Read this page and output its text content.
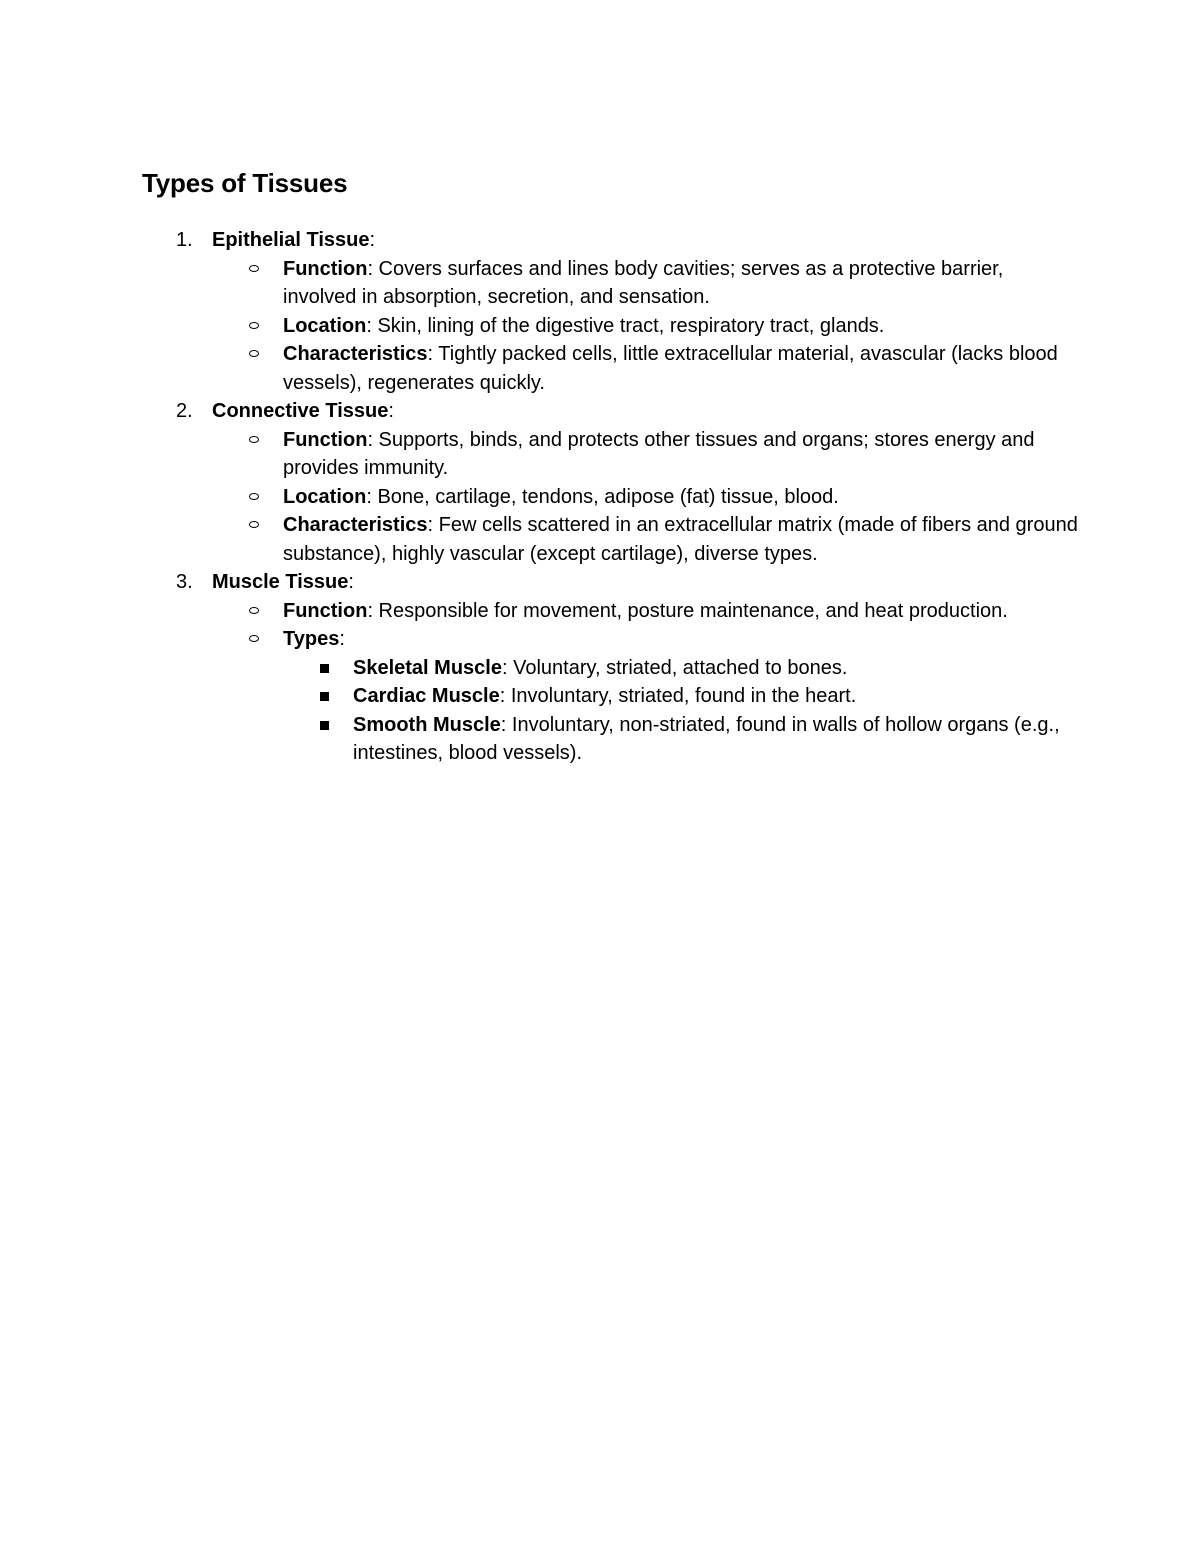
Types of Tissues
1. Epithelial Tissue:
Function: Covers surfaces and lines body cavities; serves as a protective barrier, involved in absorption, secretion, and sensation.
Location: Skin, lining of the digestive tract, respiratory tract, glands.
Characteristics: Tightly packed cells, little extracellular material, avascular (lacks blood vessels), regenerates quickly.
2. Connective Tissue:
Function: Supports, binds, and protects other tissues and organs; stores energy and provides immunity.
Location: Bone, cartilage, tendons, adipose (fat) tissue, blood.
Characteristics: Few cells scattered in an extracellular matrix (made of fibers and ground substance), highly vascular (except cartilage), diverse types.
3. Muscle Tissue:
Function: Responsible for movement, posture maintenance, and heat production.
Types:
Skeletal Muscle: Voluntary, striated, attached to bones.
Cardiac Muscle: Involuntary, striated, found in the heart.
Smooth Muscle: Involuntary, non-striated, found in walls of hollow organs (e.g., intestines, blood vessels).
